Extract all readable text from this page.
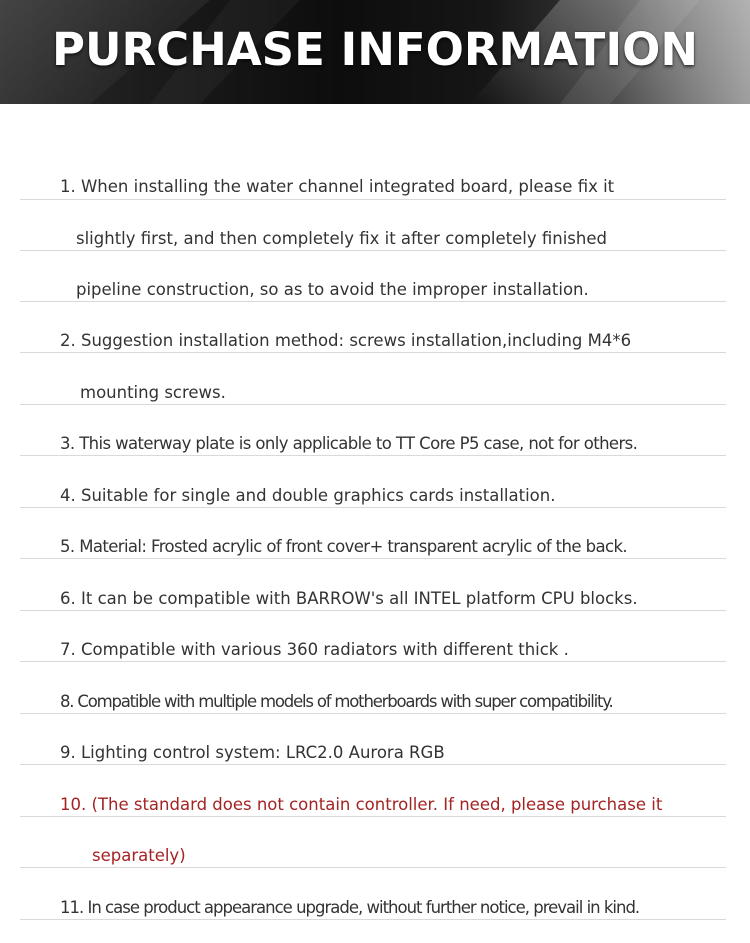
PURCHASE INFORMATION
1. When installing the water channel integrated board, please fix it
slightly first, and then completely fix it after completely finished
pipeline construction, so as to avoid the improper installation.
2. Suggestion installation method: screws installation,including M4*6
mounting screws.
3. This waterway plate is only applicable to TT Core P5 case, not for others.
4. Suitable for single and double graphics cards installation.
5. Material: Frosted acrylic of front cover+ transparent acrylic of the back.
6. It can be compatible with BARROW's all INTEL platform CPU blocks.
7. Compatible with various 360 radiators with different thick .
8. Compatible with multiple models of motherboards with super compatibility.
9. Lighting control system: LRC2.0 Aurora RGB
10. (The standard does not contain controller. If need, please purchase it
separately)
11. In case product appearance upgrade, without further notice, prevail in kind.
